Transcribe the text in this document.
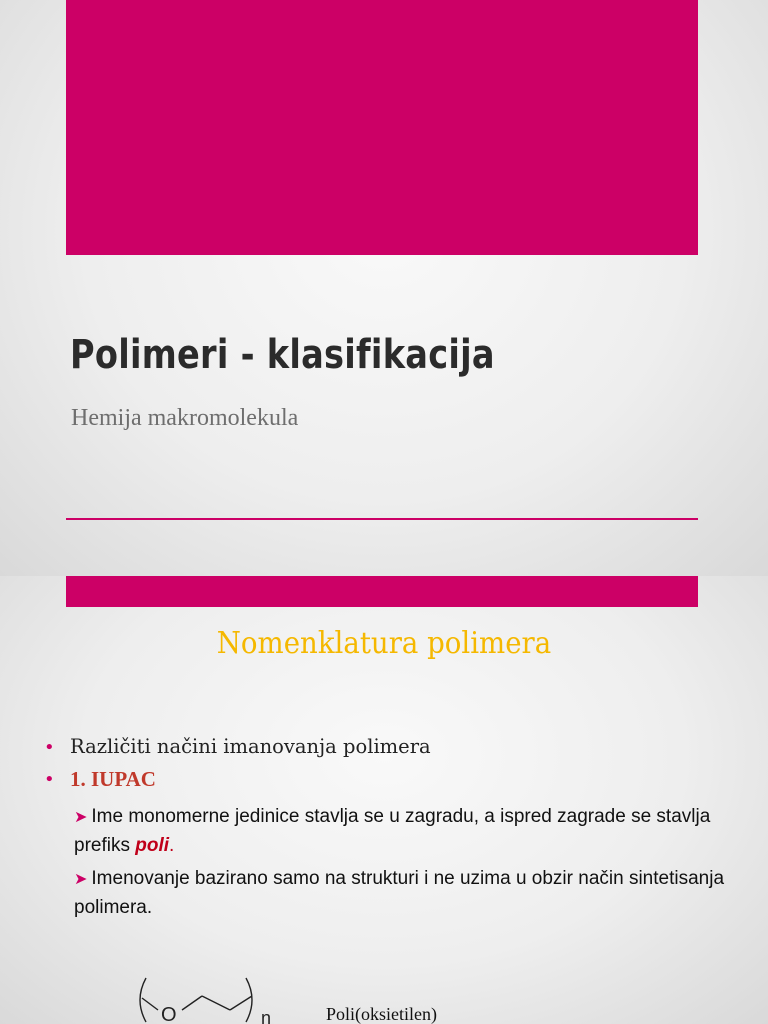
Polimeri - klasifikacija

Hemija makromolekula

Nomenklatura polimera
• Različiti načini imanovanja polimera
• 1. IUPAC
➤ Ime monomerne jedinice stavlja se u zagradu, a ispred zagrade se stavlja prefiks poli.
➤ Imenovanje bazirano samo na strukturi i ne uzima u obzir način sintetisanja polimera.
O	n	Poli(oksietilen)
